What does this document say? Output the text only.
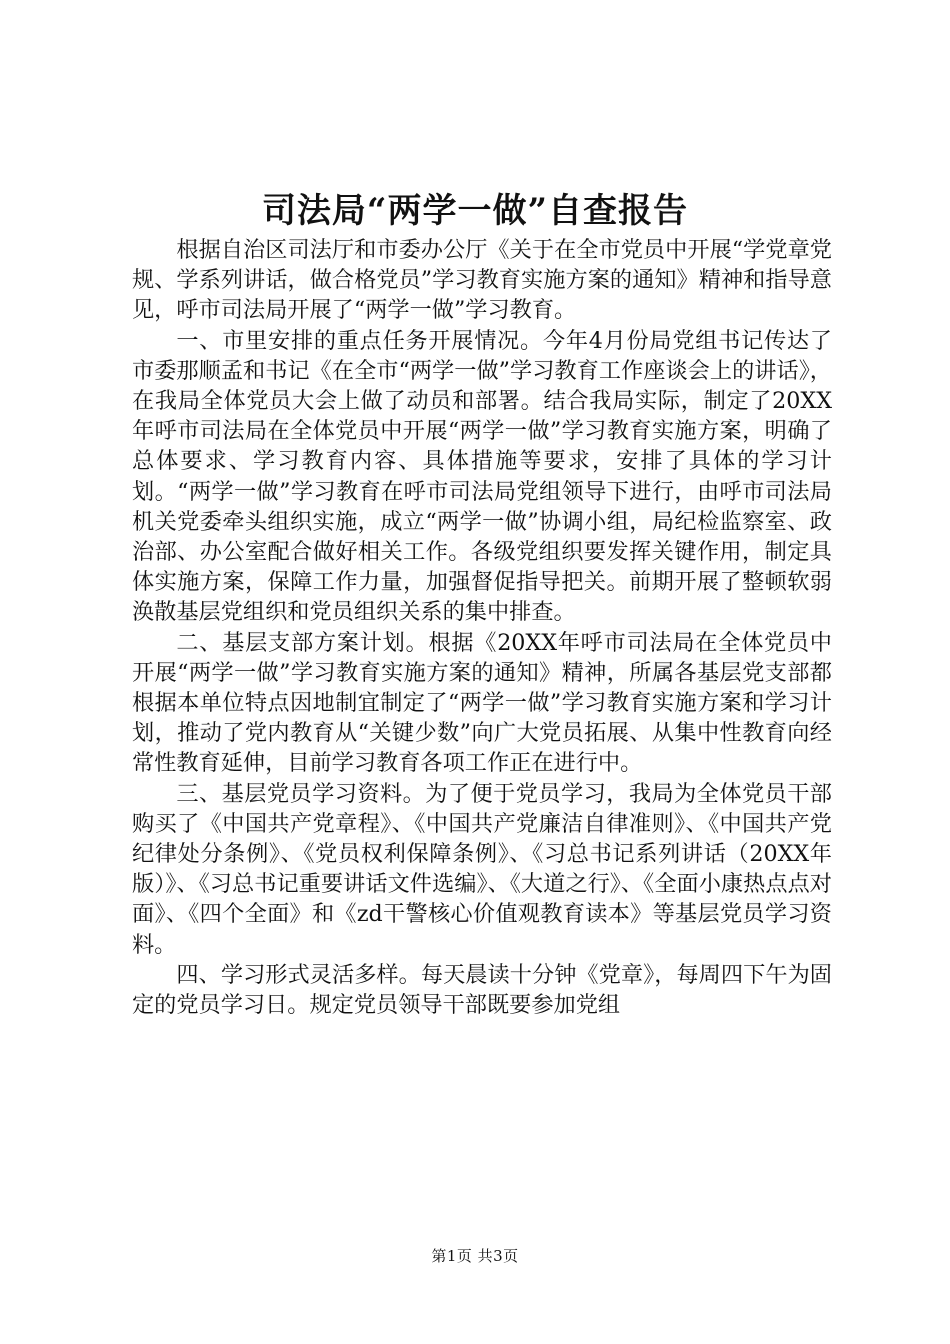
司法局“两学一做”自查报告

根据自治区司法厅和市委办公厅《关于在全市党员中开展“学党章党规、学系列讲话，做合格党员”学习教育实施方案的通知》精神和指导意见，呼市司法局开展了“两学一做”学习教育。

一、市里安排的重点任务开展情况。今年4月份局党组书记传达了市委那顺孟和书记《在全市“两学一做”学习教育工作座谈会上的讲话》，在我局全体党员大会上做了动员和部署。结合我局实际，制定了20XX年呼市司法局在全体党员中开展“两学一做”学习教育实施方案，明确了总体要求、学习教育内容、具体措施等要求，安排了具体的学习计划。“两学一做”学习教育在呼市司法局党组领导下进行，由呼市司法局机关党委牵头组织实施，成立“两学一做”协调小组，局纪检监察室、政治部、办公室配合做好相关工作。各级党组织要发挥关键作用，制定具体实施方案，保障工作力量，加强督促指导把关。前期开展了整顿软弱涣散基层党组织和党员组织关系的集中排查。

二、基层支部方案计划。根据《20XX年呼市司法局在全体党员中开展“两学一做”学习教育实施方案的通知》精神，所属各基层党支部都根据本单位特点因地制宜制定了“两学一做”学习教育实施方案和学习计划，推动了党内教育从“关键少数”向广大党员拓展、从集中性教育向经常性教育延伸，目前学习教育各项工作正在进行中。

三、基层党员学习资料。为了便于党员学习，我局为全体党员干部购买了《中国共产党章程》、《中国共产党廉洁自律准则》、《中国共产党纪律处分条例》、《党员权利保障条例》、《习总书记系列讲话（20XX年版）》、《习总书记重要讲话文件选编》、《大道之行》、《全面小康热点点对面》、《四个全面》和《zd干警核心价值观教育读本》等基层党员学习资料。

四、学习形式灵活多样。每天晨读十分钟《党章》，每周四下午为固定的党员学习日。规定党员领导干部既要参加党组

第1页 共3页
